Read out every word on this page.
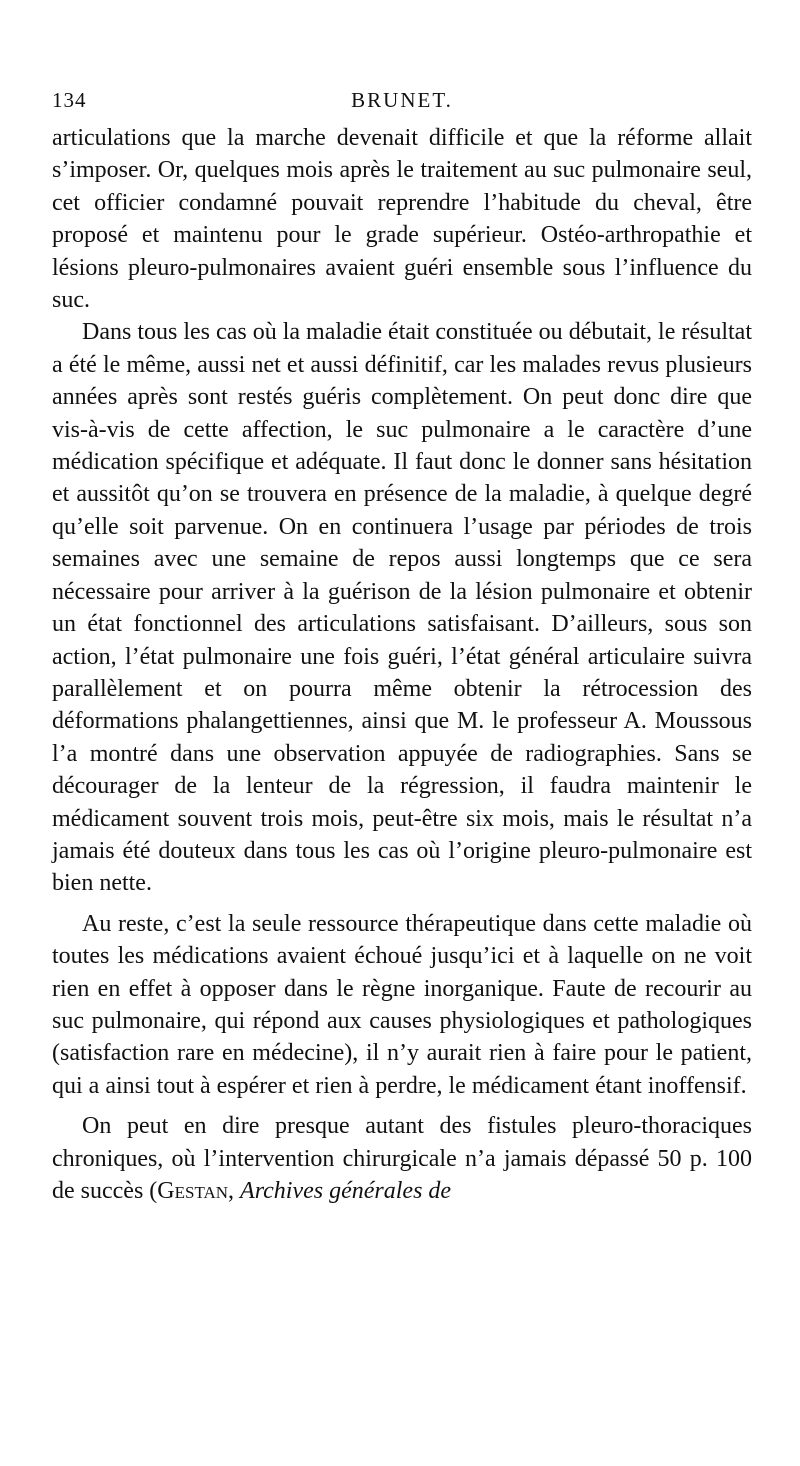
134	BRUNET.

articulations que la marche devenait difficile et que la réforme allait s’imposer. Or, quelques mois après le traitement au suc pulmonaire seul, cet officier condamné pouvait reprendre l’habitude du cheval, être proposé et maintenu pour le grade supérieur. Ostéo-arthropathie et lésions pleuro-pulmonaires avaient guéri ensemble sous l’influence du suc.

Dans tous les cas où la maladie était constituée ou débutait, le résultat a été le même, aussi net et aussi définitif, car les malades revus plusieurs années après sont restés guéris complètement. On peut donc dire que vis-à-vis de cette affection, le suc pulmonaire a le caractère d’une médication spécifique et adéquate. Il faut donc le donner sans hésitation et aussitôt qu’on se trouvera en présence de la maladie, à quelque degré qu’elle soit parvenue. On en continuera l’usage par périodes de trois semaines avec une semaine de repos aussi longtemps que ce sera nécessaire pour arriver à la guérison de la lésion pulmonaire et obtenir un état fonctionnel des articulations satisfaisant. D’ailleurs, sous son action, l’état pulmonaire une fois guéri, l’état général articulaire suivra parallèlement et on pourra même obtenir la rétrocession des déformations phalangettiennes, ainsi que M. le professeur A. Moussous l’a montré dans une observation appuyée de radiographies. Sans se décourager de la lenteur de la régression, il faudra maintenir le médicament souvent trois mois, peut-être six mois, mais le résultat n’a jamais été douteux dans tous les cas où l’origine pleuro-pulmonaire est bien nette.

Au reste, c’est la seule ressource thérapeutique dans cette maladie où toutes les médications avaient échoué jusqu’ici et à laquelle on ne voit rien en effet à opposer dans le règne inorganique. Faute de recourir au suc pulmonaire, qui répond aux causes physiologiques et pathologiques (satisfaction rare en médecine), il n’y aurait rien à faire pour le patient, qui a ainsi tout à espérer et rien à perdre, le médicament étant inoffensif.

On peut en dire presque autant des fistules pleuro-thoraciques chroniques, où l’intervention chirurgicale n’a jamais dépassé 50 p. 100 de succès (Gestan, Archives générales de
